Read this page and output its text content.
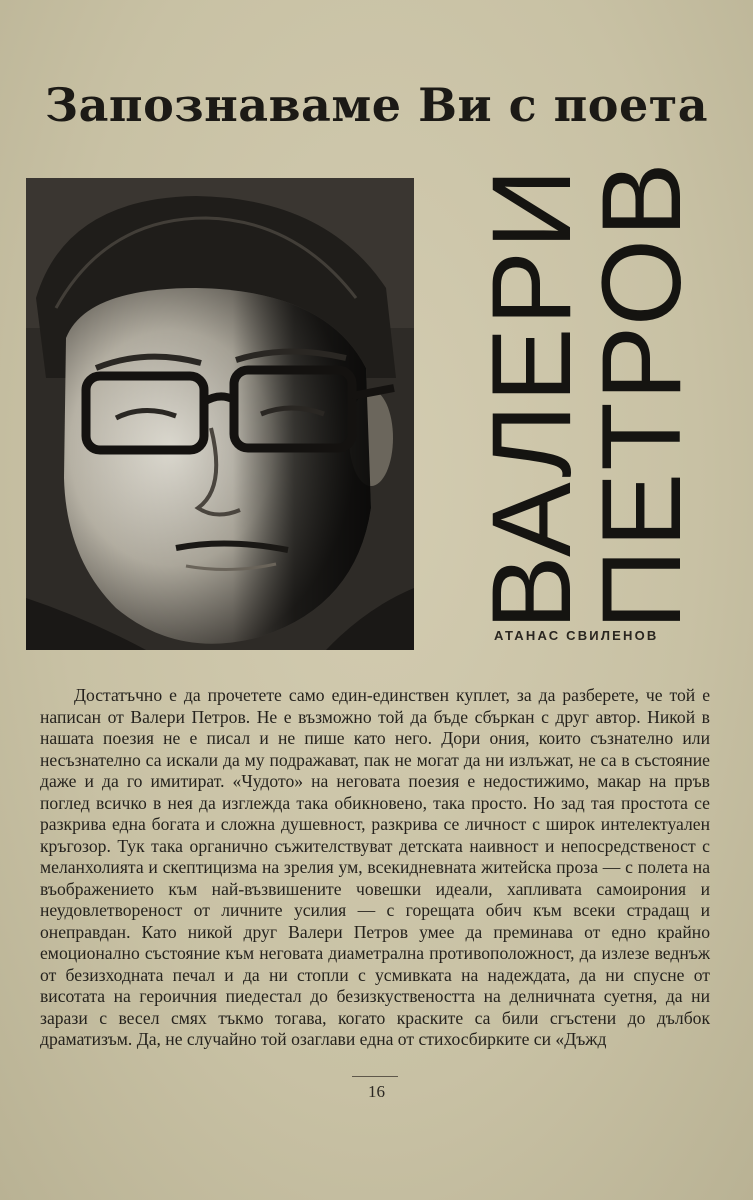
Запознаваме Ви с поета
ВАЛЕРИ
ПЕТРОВ
АТАНАС СВИЛЕНОВ

Достатъчно е да прочетете само един-единствен куплет, за да разберете, че той е написан от Валери Петров. Не е възможно той да бъде сбъркан с друг автор. Никой в нашата поезия не е писал и не пише като него. Дори ония, които съзнателно или несъзнателно са искали да му подражават, пак не могат да ни излъжат, не са в състояние даже и да го имитират. «Чудото» на неговата поезия е недостижимо, макар на пръв поглед всичко в нея да изглежда така обикновено, така просто. Но зад тая простота се разкрива една богата и сложна душевност, разкрива се личност с широк интелектуален кръгозор. Тук така органично съжителствуват детската наивност и непосредственост с меланхолията и скептицизма на зрелия ум, всекидневната житейска проза — с полета на въображението към най-възвишените човешки идеали, хапливата самоирония и неудовлетвореност от личните усилия — с горещата обич към всеки страдащ и онеправдан. Като никой друг Валери Петров умее да преминава от едно крайно емоционално състояние към неговата диаметрална противоположност, да излезе веднъж от безизходната печал и да ни стопли с усмивката на надеждата, да ни спусне от висотата на героичния пиедестал до безизкуствеността на делничната суетня, да ни зарази с весел смях тъкмо тогава, когато краските са били сгъстени до дълбок драматизъм. Да, не случайно той озаглави една от стихосбирките си «Дъжд

16
